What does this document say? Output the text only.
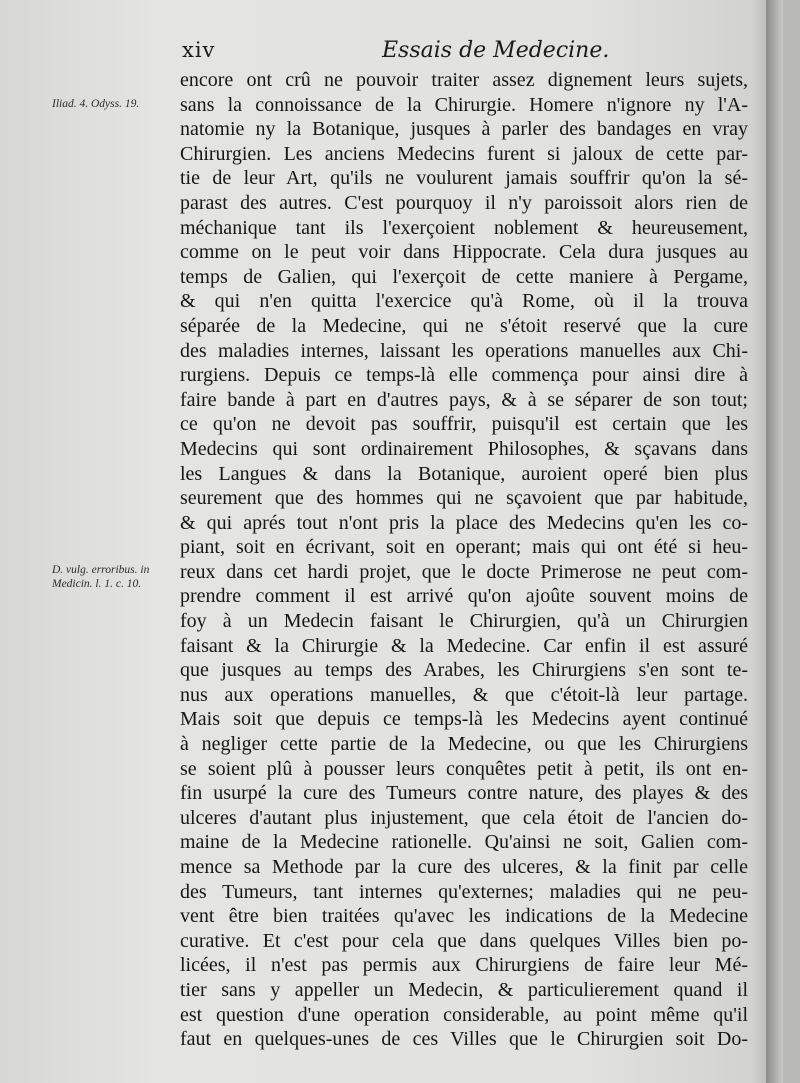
xiv	Essais de Medecine.
Iliad. 4. Odyss. 19.
D. vulg. erroribus. in Medicin. l. 1. c. 10.
encore ont crû ne pouvoir traiter assez dignement leurs sujets,
sans la connoissance de la Chirurgie. Homere n'ignore ny l'A-
natomie ny la Botanique, jusques à parler des bandages en vray
Chirurgien. Les anciens Medecins furent si jaloux de cette par-
tie de leur Art, qu'ils ne voulurent jamais souffrir qu'on la sé-
parast des autres. C'est pourquoy il n'y paroissoit alors rien de
méchanique tant ils l'exerçoient noblement & heureusement,
comme on le peut voir dans Hippocrate. Cela dura jusques au
temps de Galien, qui l'exerçoit de cette maniere à Pergame,
& qui n'en quitta l'exercice qu'à Rome, où il la trouva
séparée de la Medecine, qui ne s'étoit reservé que la cure
des maladies internes, laissant les operations manuelles aux Chi-
rurgiens. Depuis ce temps-là elle commença pour ainsi dire à
faire bande à part en d'autres pays, & à se séparer de son tout;
ce qu'on ne devoit pas souffrir, puisqu'il est certain que les
Medecins qui sont ordinairement Philosophes, & sçavans dans
les Langues & dans la Botanique, auroient operé bien plus
seurement que des hommes qui ne sçavoient que par habitude,
& qui aprés tout n'ont pris la place des Medecins qu'en les co-
piant, soit en écrivant, soit en operant; mais qui ont été si heu-
reux dans cet hardi projet, que le docte Primerose ne peut com-
prendre comment il est arrivé qu'on ajoûte souvent moins de
foy à un Medecin faisant le Chirurgien, qu'à un Chirurgien
faisant & la Chirurgie & la Medecine. Car enfin il est assuré
que jusques au temps des Arabes, les Chirurgiens s'en sont te-
nus aux operations manuelles, & que c'étoit-là leur partage.
Mais soit que depuis ce temps-là les Medecins ayent continué
à negliger cette partie de la Medecine, ou que les Chirurgiens
se soient plû à pousser leurs conquêtes petit à petit, ils ont en-
fin usurpé la cure des Tumeurs contre nature, des playes & des
ulceres d'autant plus injustement, que cela étoit de l'ancien do-
maine de la Medecine rationelle. Qu'ainsi ne soit, Galien com-
mence sa Methode par la cure des ulceres, & la finit par celle
des Tumeurs, tant internes qu'externes; maladies qui ne peu-
vent être bien traitées qu'avec les indications de la Medecine
curative. Et c'est pour cela que dans quelques Villes bien po-
licées, il n'est pas permis aux Chirurgiens de faire leur Mé-
tier sans y appeller un Medecin, & particulierement quand il
est question d'une operation considerable, au point même qu'il
faut en quelques-unes de ces Villes que le Chirurgien soit Do-
